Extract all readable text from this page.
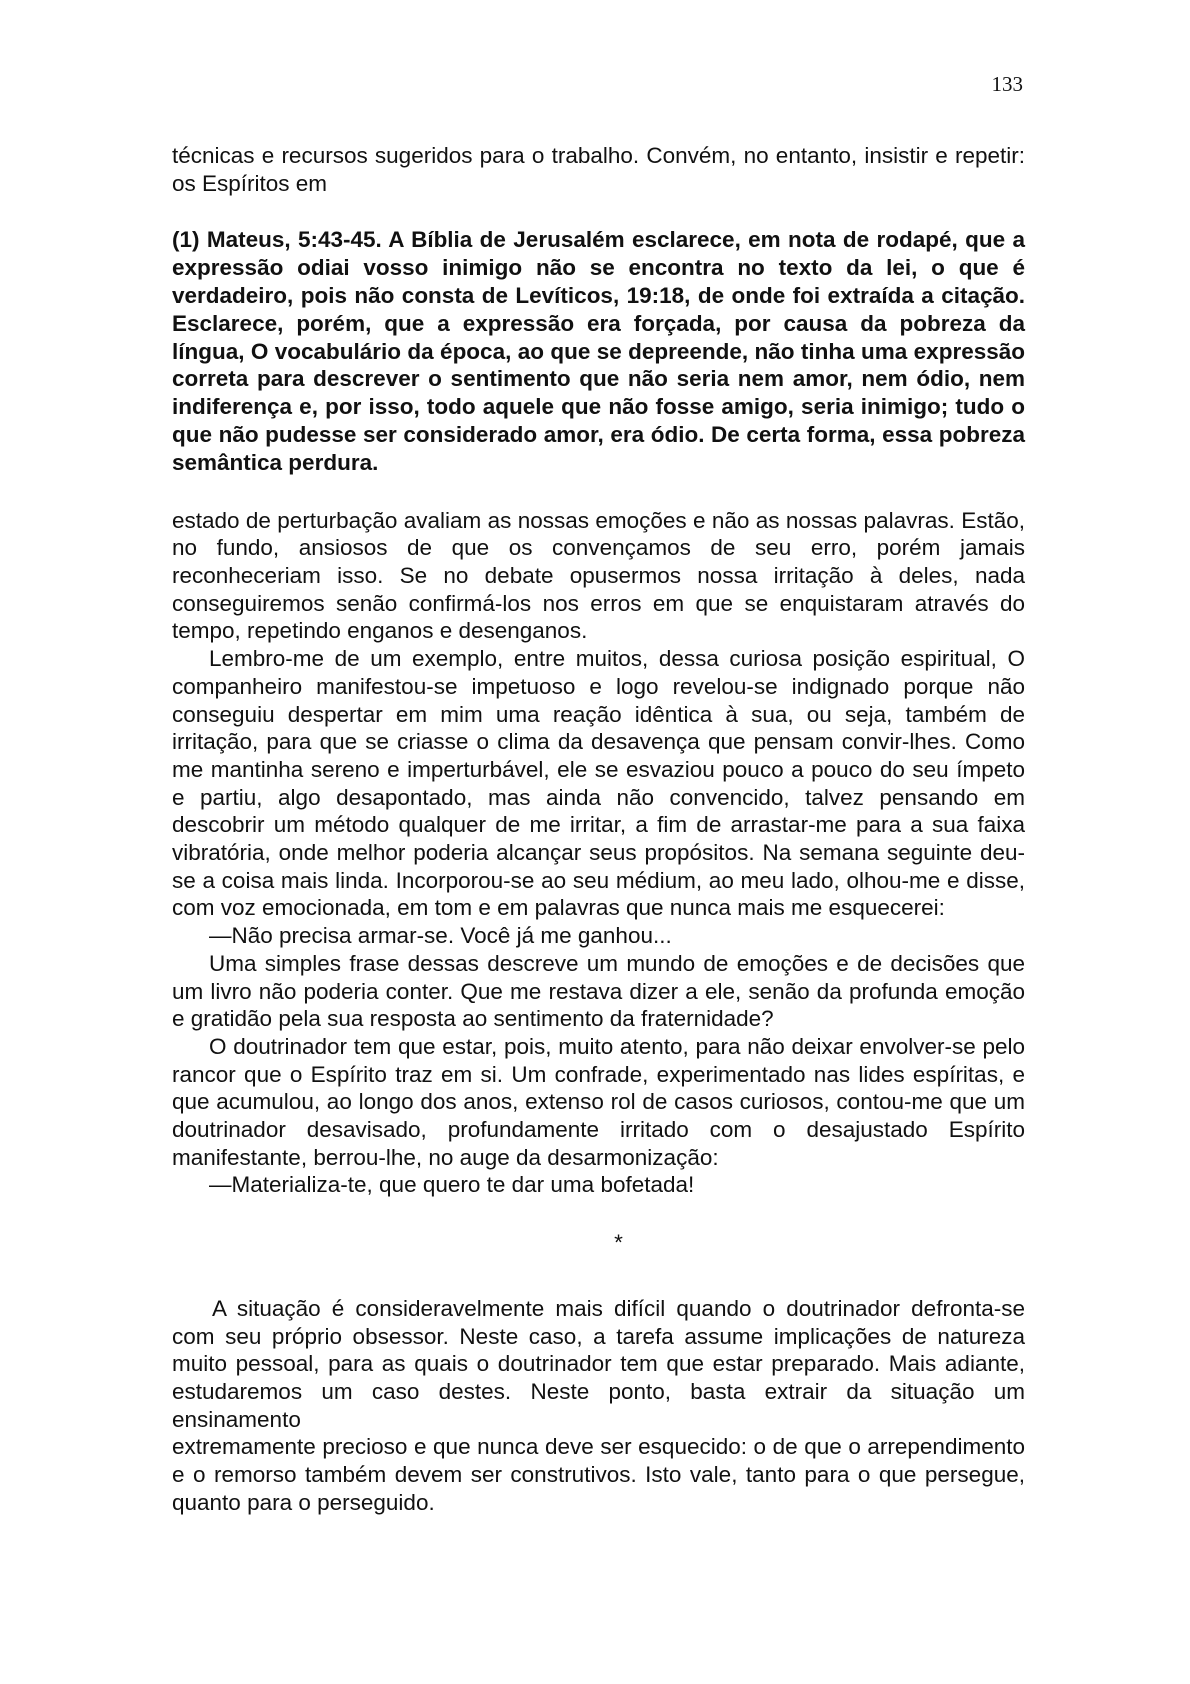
133

técnicas e recursos sugeridos para o trabalho. Convém, no entanto, insistir e repetir: os Espíritos em

(1) Mateus, 5:43-45. A Bíblia de Jerusalém esclarece, em nota de rodapé, que a expressão odiai vosso inimigo não se encontra no texto da lei, o que é verdadeiro, pois não consta de Levíticos, 19:18, de onde foi extraída a citação. Esclarece, porém, que a expressão era forçada, por causa da pobreza da língua, O vocabulário da época, ao que se depreende, não tinha uma expressão correta para descrever o sentimento que não seria nem amor, nem ódio, nem indiferença e, por isso, todo aquele que não fosse amigo, seria inimigo; tudo o que não pudesse ser considerado amor, era ódio. De certa forma, essa pobreza semântica perdura.

estado de perturbação avaliam as nossas emoções e não as nossas palavras. Estão, no fundo, ansiosos de que os convençamos de seu erro, porém jamais reconheceriam isso. Se no debate opusermos nossa irritação à deles, nada conseguiremos senão confirmá-los nos erros em que se enquistaram através do tempo, repetindo enganos e desenganos.

Lembro-me de um exemplo, entre muitos, dessa curiosa posição espiritual, O companheiro manifestou-se impetuoso e logo revelou-se indignado porque não conseguiu despertar em mim uma reação idêntica à sua, ou seja, também de irritação, para que se criasse o clima da desavença que pensam convir-lhes. Como me mantinha sereno e imperturbável, ele se esvaziou pouco a pouco do seu ímpeto e partiu, algo desapontado, mas ainda não convencido, talvez pensando em descobrir um método qualquer de me irritar, a fim de arrastar-me para a sua faixa vibratória, onde melhor poderia alcançar seus propósitos. Na semana seguinte deu-se a coisa mais linda. Incorporou-se ao seu médium, ao meu lado, olhou-me e disse, com voz emocionada, em tom e em palavras que nunca mais me esquecerei:

—Não precisa armar-se. Você já me ganhou...

Uma simples frase dessas descreve um mundo de emoções e de decisões que um livro não poderia conter. Que me restava dizer a ele, senão da profunda emoção e gratidão pela sua resposta ao sentimento da fraternidade?

O doutrinador tem que estar, pois, muito atento, para não deixar envolver-se pelo rancor que o Espírito traz em si. Um confrade, experimentado nas lides espíritas, e que acumulou, ao longo dos anos, extenso rol de casos curiosos, contou-me que um doutrinador desavisado, profundamente irritado com o desajustado Espírito manifestante, berrou-lhe, no auge da desarmonização:

—Materializa-te, que quero te dar uma bofetada!

*

A situação é consideravelmente mais difícil quando o doutrinador defronta-se com seu próprio obsessor. Neste caso, a tarefa assume implicações de natureza muito pessoal, para as quais o doutrinador tem que estar preparado. Mais adiante, estudaremos um caso destes. Neste ponto, basta extrair da situação um ensinamento

extremamente precioso e que nunca deve ser esquecido: o de que o arrependimento e o remorso também devem ser construtivos. Isto vale, tanto para o que persegue, quanto para o perseguido.
